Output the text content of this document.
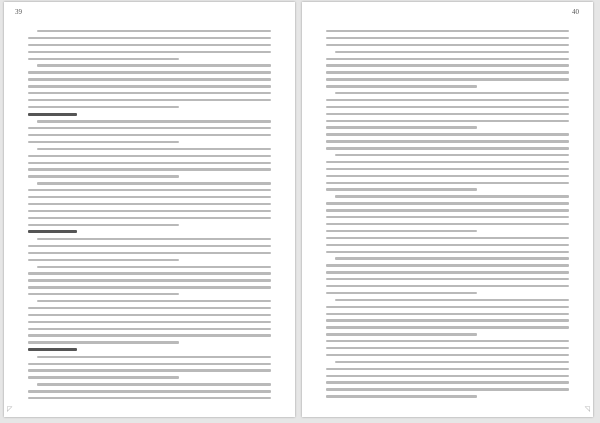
39
◸
40
◹
